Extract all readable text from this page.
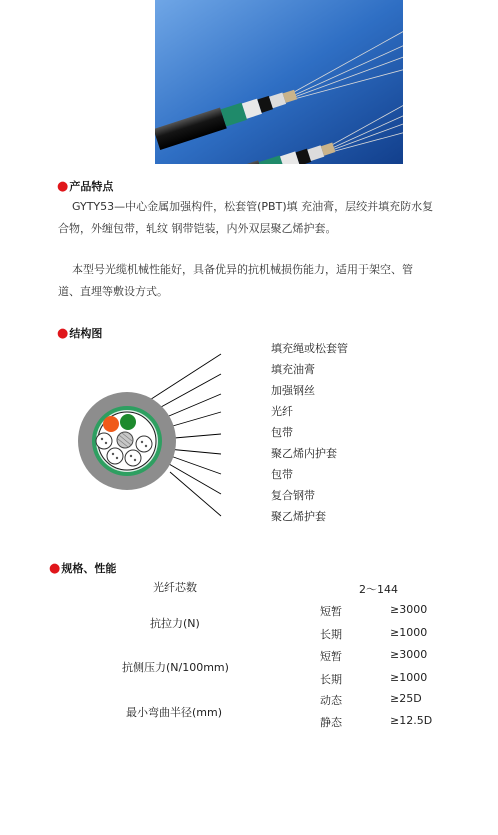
●产品特点
GYTY53—中心金属加强构件，松套管(PBT)填 充油膏，层绞并填充防水复
合物，外缠包带，轧纹 钢带铠装，内外双层聚乙烯护套。
本型号光缆机械性能好，具备优异的抗机械损伤能力，适用于架空、管
道、直埋等敷设方式。
●结构图
填充绳或松套管
填充油膏
加强钢丝
光纤
包带
聚乙烯内护套
包带
复合钢带
聚乙烯护套
●规格、性能
光纤芯数	2～144
抗拉力(N)
短暂	≥3000
长期	≥1000
抗侧压力(N/100mm)
短暂	≥3000
长期	≥1000
最小弯曲半径(mm)
动态	≥25D
静态	≥12.5D
